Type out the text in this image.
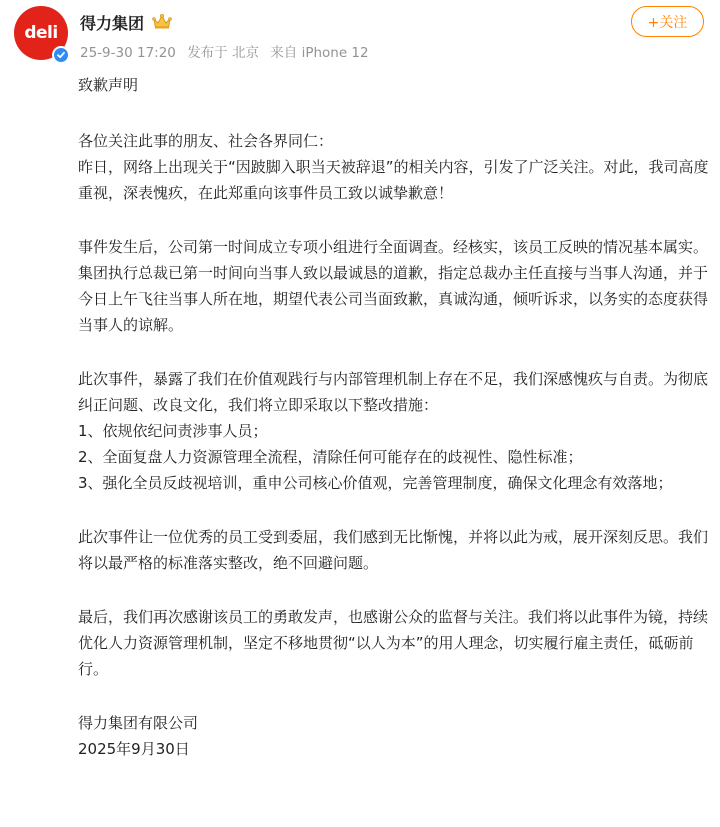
deli 得力集团
25-9-30 17:20 发布于 北京 来自 iPhone 12
+关注

致歉声明

各位关注此事的朋友、社会各界同仁：

昨日，网络上出现关于“因跛脚入职当天被辞退”的相关内容，引发了广泛关注。对此，我司高度重视，深表愧疚，在此郑重向该事件员工致以诚挚歉意！

事件发生后，公司第一时间成立专项小组进行全面调查。经核实，该员工反映的情况基本属实。集团执行总裁已第一时间向当事人致以最诚恳的道歉，指定总裁办主任直接与当事人沟通，并于今日上午飞往当事人所在地，期望代表公司当面致歉，真诚沟通，倾听诉求，以务实的态度获得当事人的谅解。

此次事件，暴露了我们在价值观践行与内部管理机制上存在不足，我们深感愧疚与自责。为彻底纠正问题、改良文化，我们将立即采取以下整改措施：

1、依规依纪问责涉事人员；

2、全面复盘人力资源管理全流程，清除任何可能存在的歧视性、隐性标准；

3、强化全员反歧视培训，重申公司核心价值观，完善管理制度，确保文化理念有效落地；

此次事件让一位优秀的员工受到委屈，我们感到无比惭愧，并将以此为戒，展开深刻反思。我们将以最严格的标准落实整改，绝不回避问题。

最后，我们再次感谢该员工的勇敢发声，也感谢公众的监督与关注。我们将以此事件为镜，持续优化人力资源管理机制，坚定不移地贯彻“以人为本”的用人理念，切实履行雇主责任，砥砺前行。

得力集团有限公司

2025年9月30日
